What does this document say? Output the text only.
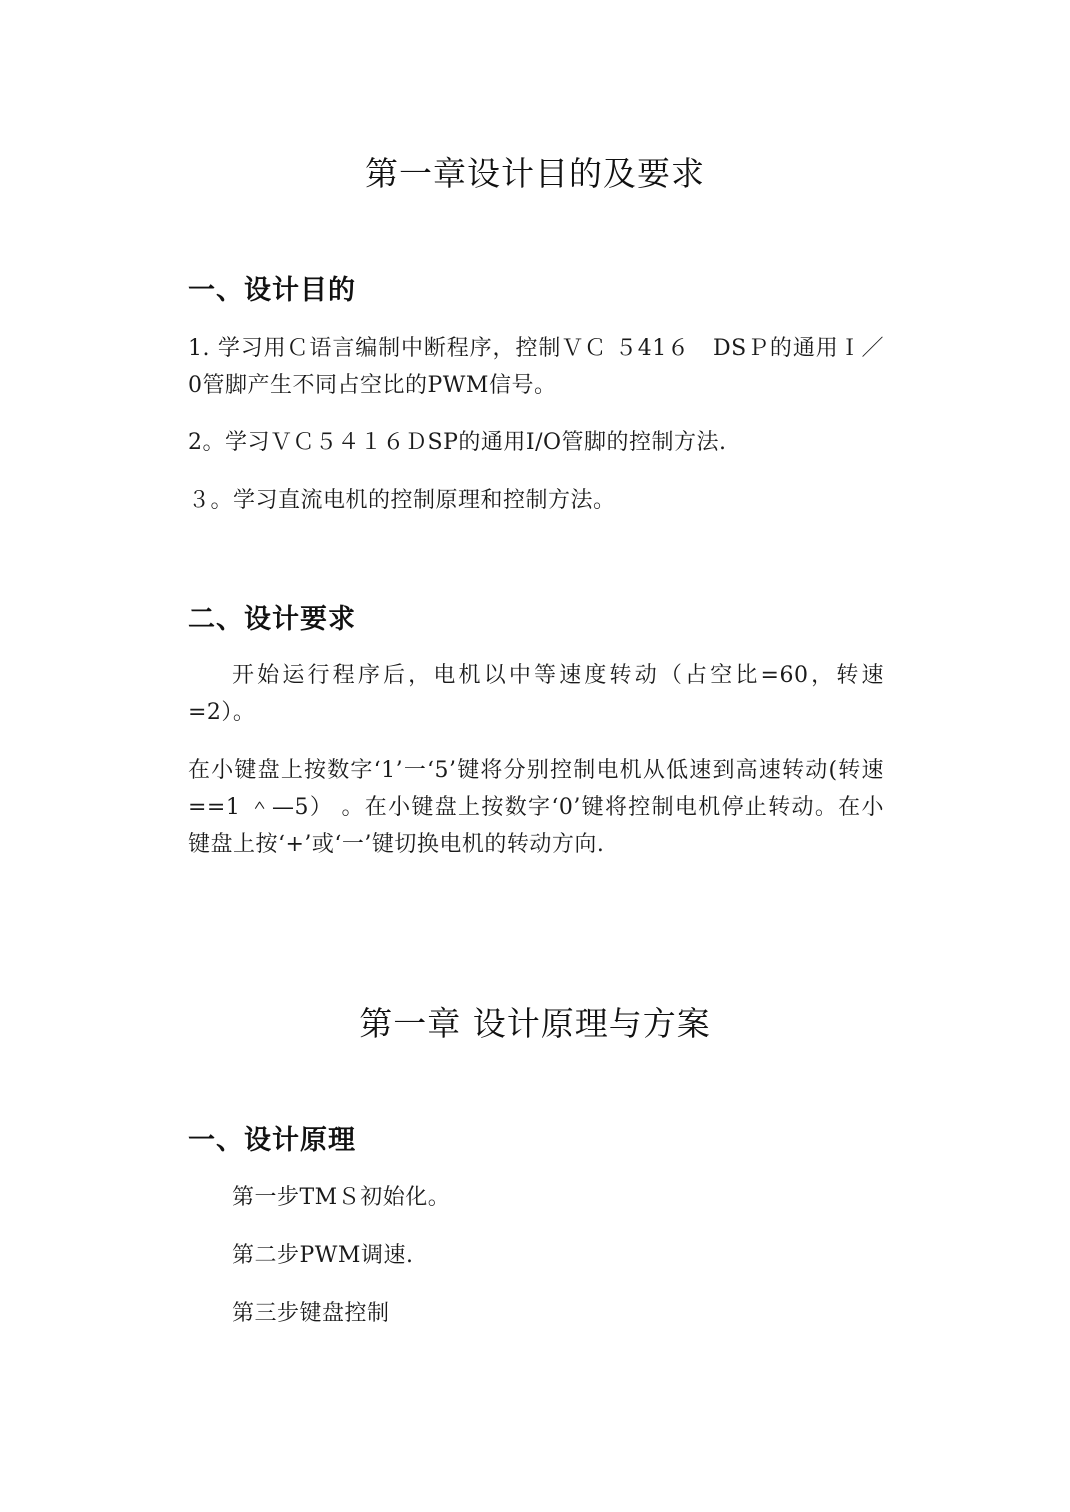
第一章设计目的及要求
一、设计目的

1. 学习用Ｃ语言编制中断程序，控制ＶＣ ５41６　DSＰ的通用Ｉ／0管脚产生不同占空比的PWM信号。

2。学习ＶＣ５４１６ＤSP的通用I/O管脚的控制方法.

３。学习直流电机的控制原理和控制方法。

二、设计要求

开始运行程序后，电机以中等速度转动（占空比=60，转速=2）。

在小键盘上按数字‘1’一‘5’键将分别控制电机从低速到高速转动(转速==1 ＾—5） 。在小键盘上按数字‘0’键将控制电机停止转动。在小键盘上按‘+’或‘一’键切换电机的转动方向.

第一章 设计原理与方案
一、设计原理

第一步TMＳ初始化。

第二步PWM调速.

第三步键盘控制
